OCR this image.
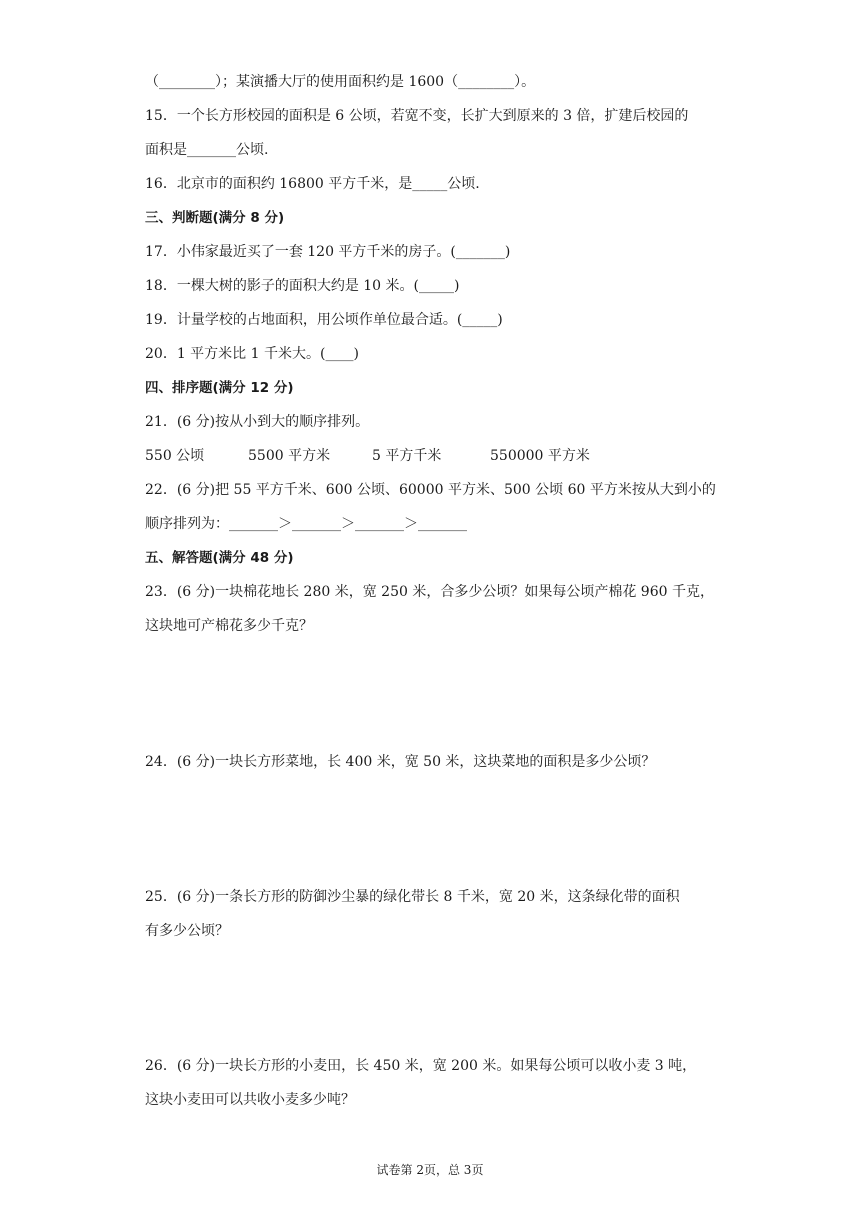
（________）；某演播大厅的使用面积约是 1600（________）。
15．一个长方形校园的面积是 6 公顷，若宽不变，长扩大到原来的 3 倍，扩建后校园的
面积是_______公顷.
16．北京市的面积约 16800 平方千米，是_____公顷.
三、判断题(满分 8 分)
17．小伟家最近买了一套 120 平方千米的房子。(_______)
18．一棵大树的影子的面积大约是 10 米。(_____)
19．计量学校的占地面积，用公顷作单位最合适。(_____)
20．1 平方米比 1 千米大。(____)
四、排序题(满分 12 分)
21．(6 分)按从小到大的顺序排列。

550 公顷

	5500 平方米

	5 平方千米

	550000 平方米

22．(6 分)把 55 平方千米、600 公顷、60000 平方米、500 公顷 60 平方米按从大到小的
顺序排列为：_______＞_______＞_______＞_______
五、解答题(满分 48 分)
23．(6 分)一块棉花地长 280 米，宽 250 米，合多少公顷？如果每公顷产棉花 960 千克，
这块地可产棉花多少千克？
24．(6 分)一块长方形菜地，长 400 米，宽 50 米，这块菜地的面积是多少公顷？
25．(6 分)一条长方形的防御沙尘暴的绿化带长 8 千米，宽 20 米，这条绿化带的面积
有多少公顷？
26．(6 分)一块长方形的小麦田，长 450 米，宽 200 米。如果每公顷可以收小麦 3 吨，
这块小麦田可以共收小麦多少吨？
试卷第 2页，总 3页
